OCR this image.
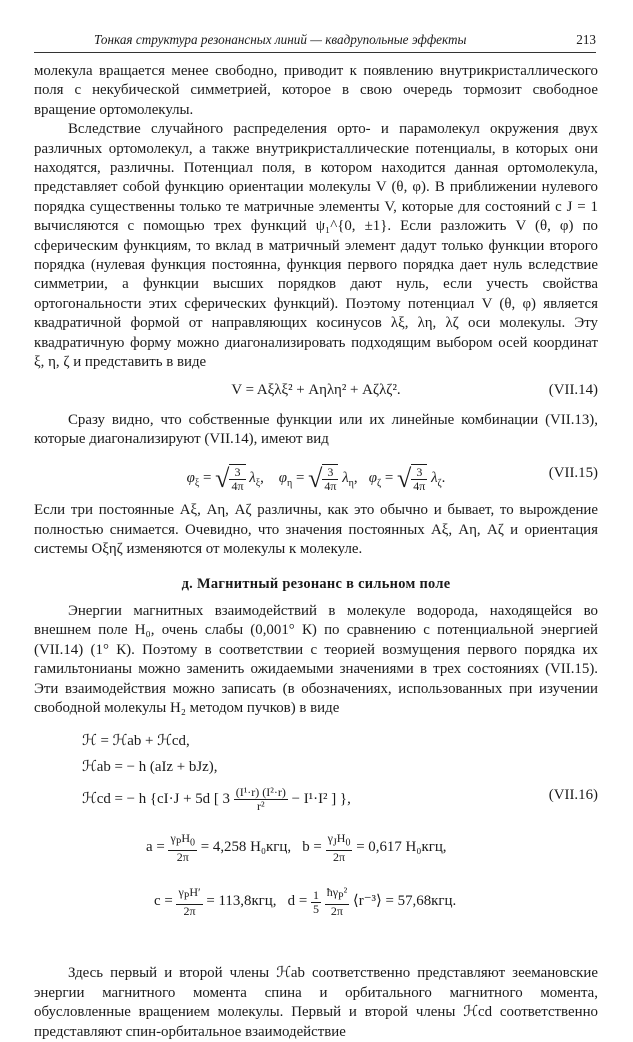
Тонкая структура резонансных линий — квадрупольные эффекты	213

молекула вращается менее свободно, приводит к появлению внутрикристаллического поля с некубической симметрией, которое в свою очередь тормозит свободное вращение ортомолекулы.

Вследствие случайного распределения орто- и парамолекул окружения двух различных ортомолекул, а также внутрикристаллические потенциалы, в которых они находятся, различны. Потенциал поля, в котором находится данная ортомолекула, представляет собой функцию ориентации молекулы V (θ, φ). В приближении нулевого порядка существенны только те матричные элементы V, которые для состояний с J = 1 вычисляются с помощью трех функций ψ₁^{0, ±1}. Если разложить V (θ, φ) по сферическим функциям, то вклад в матричный элемент дадут только функции второго порядка (нулевая функция постоянна, функция первого порядка дает нуль вследствие симметрии, а функции высших порядков дают нуль, если учесть свойства ортогональности этих сферических функций). Поэтому потенциал V (θ, φ) является квадратичной формой от направляющих косинусов λξ, λη, λζ оси молекулы. Эту квадратичную форму можно диагонализировать подходящим выбором осей координат ξ, η, ζ и представить в виде

V = Aξλξ² + Aηλη² + Aζλζ².	(VII.14)

Сразу видно, что собственные функции или их линейные комбинации (VII.13), которые диагонализируют (VII.14), имеют вид

$\varphi_\xi$ = √ $\frac{3}{4\pi} \lambda_\xi$,    $\varphi_\eta$ = √ $\frac{3}{4\pi} \lambda_\eta$,   $\varphi_\zeta$ = √ $\frac{3}{4\pi} \lambda_\zeta$.	(VII.15)

Если три постоянные Aξ, Aη, Aζ различны, как это обычно и бывает, то вырождение полностью снимается. Очевидно, что значения постоянных Aξ, Aη, Aζ и ориентация системы Oξηζ изменяются от молекулы к молекуле.

д. Магнитный резонанс в сильном поле

Энергии магнитных взаимодействий в молекуле водорода, находящейся во внешнем поле H₀, очень слабы (0,001° К) по сравнению с потенциальной энергией (VII.14) (1° К). Поэтому в соответствии с теорией возмущения первого порядка их гамильтонианы можно заменить ожидаемыми значениями в трех состояниях (VII.15). Эти взаимодействия можно записать (в обозначениях, использованных при изучении свободной молекулы H₂ методом пучков) в виде

ℋ = ℋab + ℋcd,
ℋab = − h (aIz + bJz),
ℋcd = − h {cI·J + 5d [ $3 \frac{\text{(I¹·r) (I²·r)}}{\text{r²}} - I^1\cdot I^2$ ] },	(VII.16)
$a = \frac{\gamma_PH_0}{2\pi} = 4,258$ H₀кгц, $b = \frac{\gamma_JH_0}{2\pi} = 0,617$ H₀кгц,
$c = \frac{\gamma_PH'}{2\pi} = 113,8кгц$, $d = \frac{1}{5}$
$\frac{ħ\gamma_P^2}{2\pi}$ ⟨r⁻³⟩ = 57,68кгц.

Здесь первый и второй члены ℋab соответственно представляют зеемановские энергии магнитного момента спина и орбитального магнитного момента, обусловленные вращением молекулы. Первый и второй члены ℋcd соответственно представляют спин-орбитальное взаимодействие
